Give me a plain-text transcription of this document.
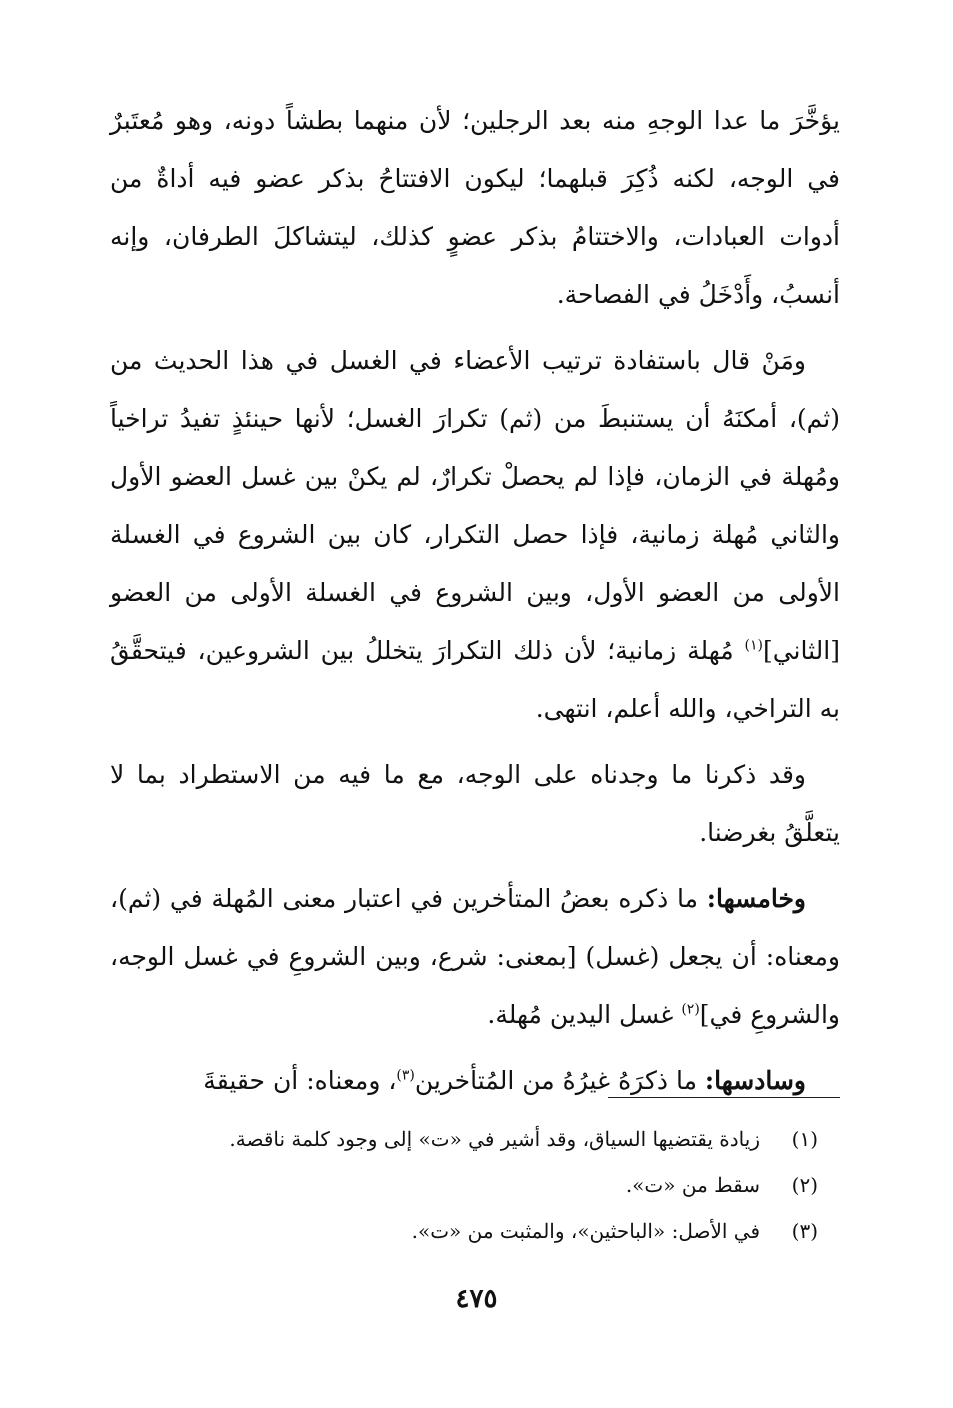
يؤخَّرَ ما عدا الوجهِ منه بعد الرجلين؛ لأن منهما بطشاً دونه، وهو مُعتَبرٌ في الوجه، لكنه ذُكِرَ قبلهما؛ ليكون الافتتاحُ بذكر عضو فيه أداةٌ من أدوات العبادات، والاختتامُ بذكر عضوٍ كذلك، ليتشاكلَ الطرفان، وإنه أنسبُ، وأَدْخَلُ في الفصاحة.

ومَنْ قال باستفادة ترتيب الأعضاء في الغسل في هذا الحديث من (ثم)، أمكنَهُ أن يستنبطَ من (ثم) تكرارَ الغسل؛ لأنها حينئذٍ تفيدُ تراخياً ومُهلة في الزمان، فإذا لم يحصلْ تكرارٌ، لم يكنْ بين غسل العضو الأول والثاني مُهلة زمانية، فإذا حصل التكرار، كان بين الشروع في الغسلة الأولى من العضو الأول، وبين الشروع في الغسلة الأولى من العضو [الثاني]$^{(١)}$ مُهلة زمانية؛ لأن ذلك التكرارَ يتخللُ بين الشروعين، فيتحقَّقُ به التراخي، والله أعلم، انتهى.

وقد ذكرنا ما وجدناه على الوجه، مع ما فيه من الاستطراد بما لا يتعلَّقُ بغرضنا.

وخامسها: ما ذكره بعضُ المتأخرين في اعتبار معنى المُهلة في (ثم)، ومعناه: أن يجعل (غسل) [بمعنى: شرع، وبين الشروعِ في غسل الوجه، والشروعِ في]$^{(٢)}$ غسل اليدين مُهلة.

وسادسها: ما ذكرَهُ غيرُهُ من المُتأخرين$^{(٣)}$، ومعناه: أن حقيقةَ

(١)
زيادة يقتضيها السياق، وقد أشير في «ت» إلى وجود كلمة ناقصة.
(٢)
سقط من «ت».
(٣)
في الأصل: «الباحثين»، والمثبت من «ت».
٤٧٥
